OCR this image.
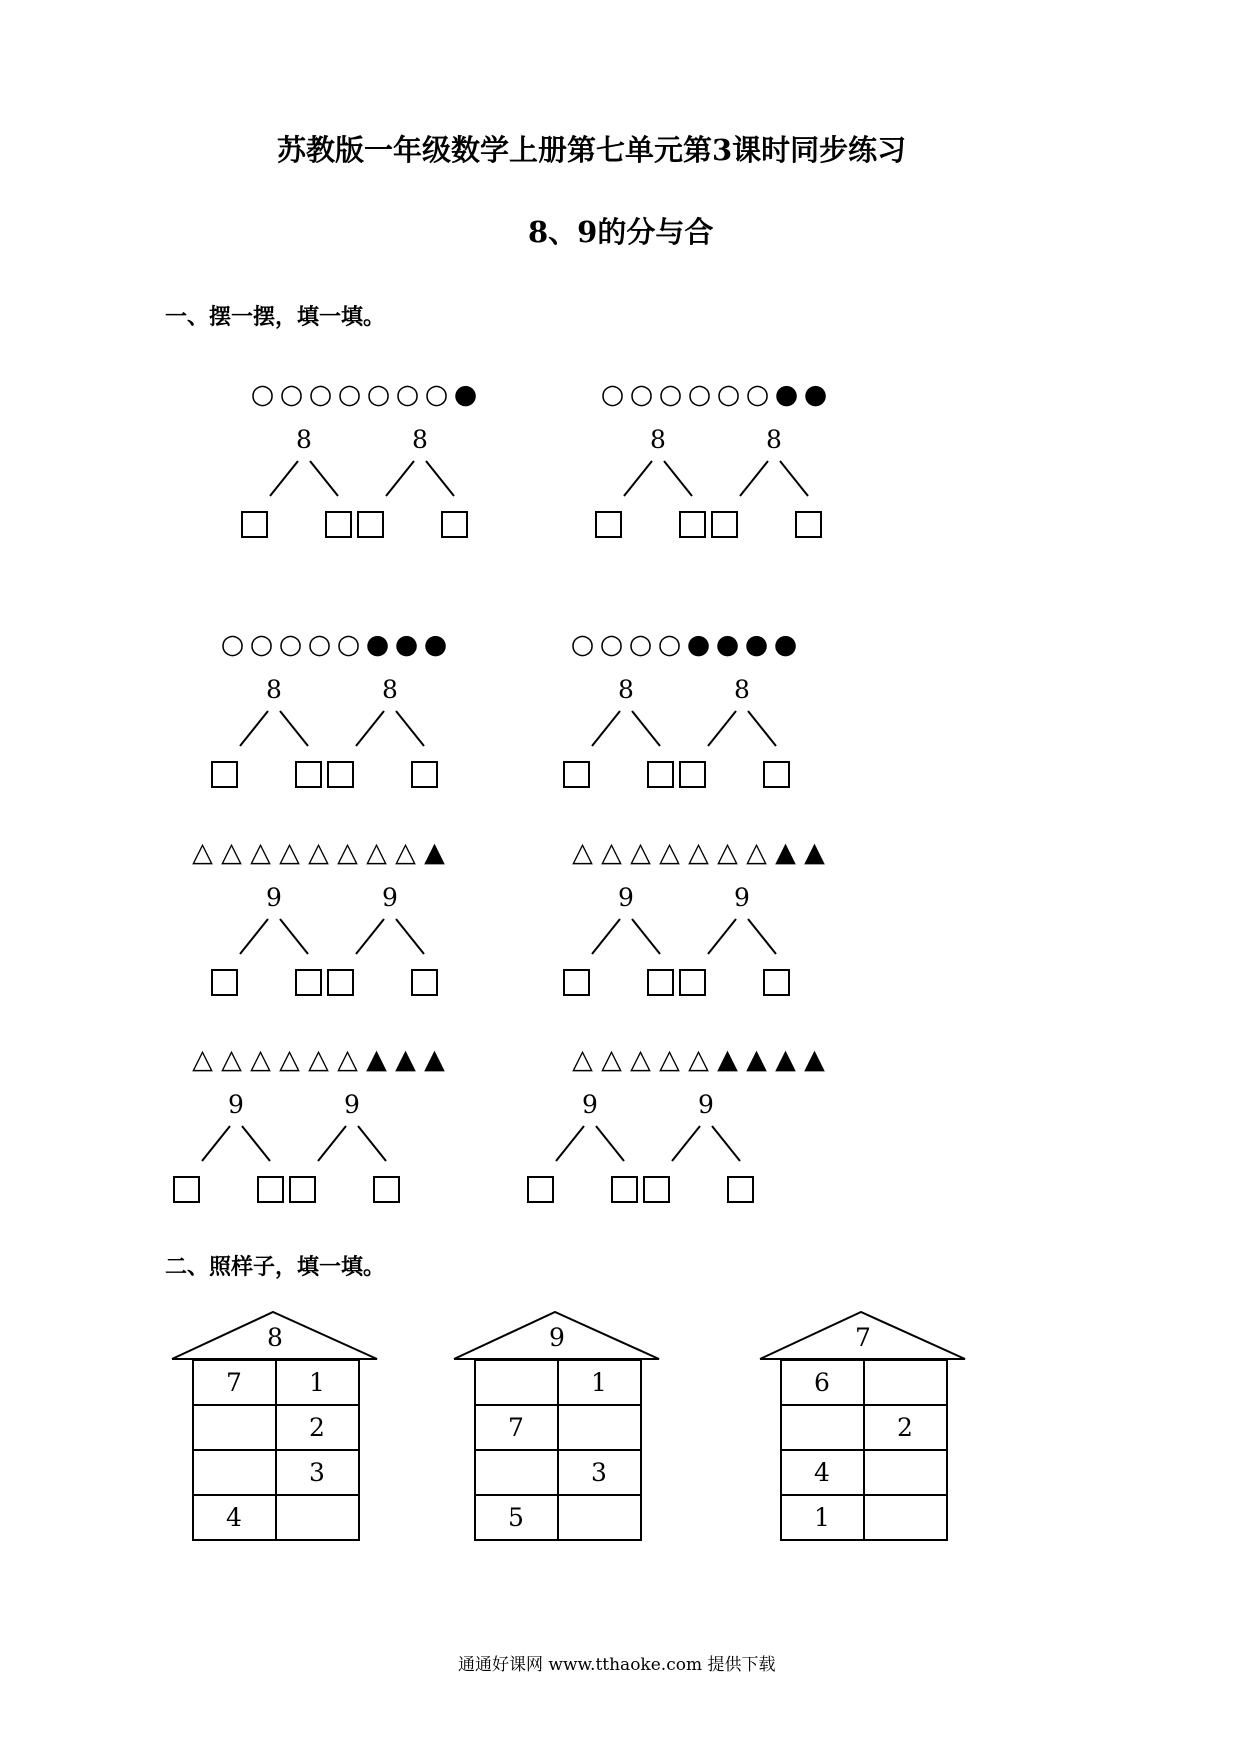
苏教版一年级数学上册第七单元第3课时同步练习
8、9的分与合
一、摆一摆，填一填。
○ ○ ○ ○ ○ ○ ○ ●
8	8
○ ○ ○ ○ ○ ○ ● ●
8	8
○ ○ ○ ○ ○ ● ● ●
8	8
○ ○ ○ ○ ● ● ● ●
8	8
△ △ △ △ △ △ △ △ ▲
9	9
△ △ △ △ △ △ △ ▲ ▲
9	9
△ △ △ △ △ △ ▲ ▲ ▲
9	9
△ △ △ △ △ ▲ ▲ ▲ ▲
9	9
二、照样子，填一填。
8
7	1
	2
	3
4	
9
	1
7	
	3
5	
7
6	
	2
4	
1	
通通好课网 www.tthaoke.com 提供下载
